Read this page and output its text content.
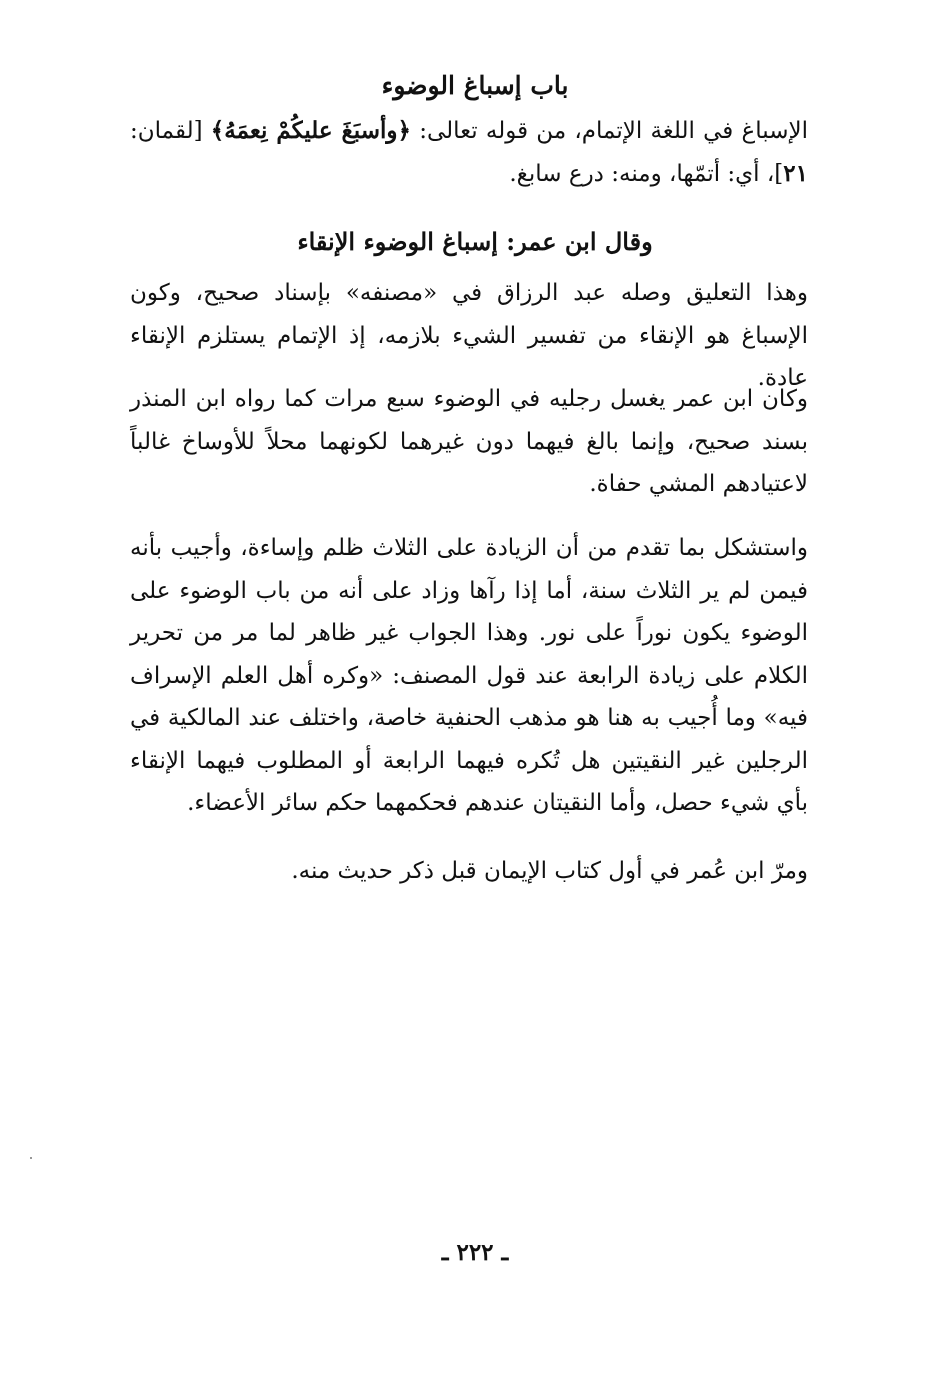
باب إسباغ الوضوء

الإسباغ في اللغة الإتمام، من قوله تعالى: ﴿وأسبَغَ عليكُمْ نِعمَهُ﴾ [لقمان: ٢١]، أي: أتمّها، ومنه: درع سابغ.

وقال ابن عمر: إسباغ الوضوء الإنقاء

وهذا التعليق وصله عبد الرزاق في «مصنفه» بإسناد صحيح، وكون الإسباغ هو الإنقاء من تفسير الشيء بلازمه، إذ الإتمام يستلزم الإنقاء عادة.

وكان ابن عمر يغسل رجليه في الوضوء سبع مرات كما رواه ابن المنذر بسند صحيح، وإنما بالغ فيهما دون غيرهما لكونهما محلاً للأوساخ غالباً لاعتيادهم المشي حفاة.

واستشكل بما تقدم من أن الزيادة على الثلاث ظلم وإساءة، وأجيب بأنه فيمن لم ير الثلاث سنة، أما إذا رآها وزاد على أنه من باب الوضوء على الوضوء يكون نوراً على نور. وهذا الجواب غير ظاهر لما مر من تحرير الكلام على زيادة الرابعة عند قول المصنف: «وكره أهل العلم الإسراف فيه» وما أُجيب به هنا هو مذهب الحنفية خاصة، واختلف عند المالكية في الرجلين غير النقيتين هل تُكره فيهما الرابعة أو المطلوب فيهما الإنقاء بأي شيء حصل، وأما النقيتان عندهم فحكمهما حكم سائر الأعضاء.

ومرّ ابن عُمر في أول كتاب الإيمان قبل ذكر حديث منه.

ـ ٢٢٢ ـ
